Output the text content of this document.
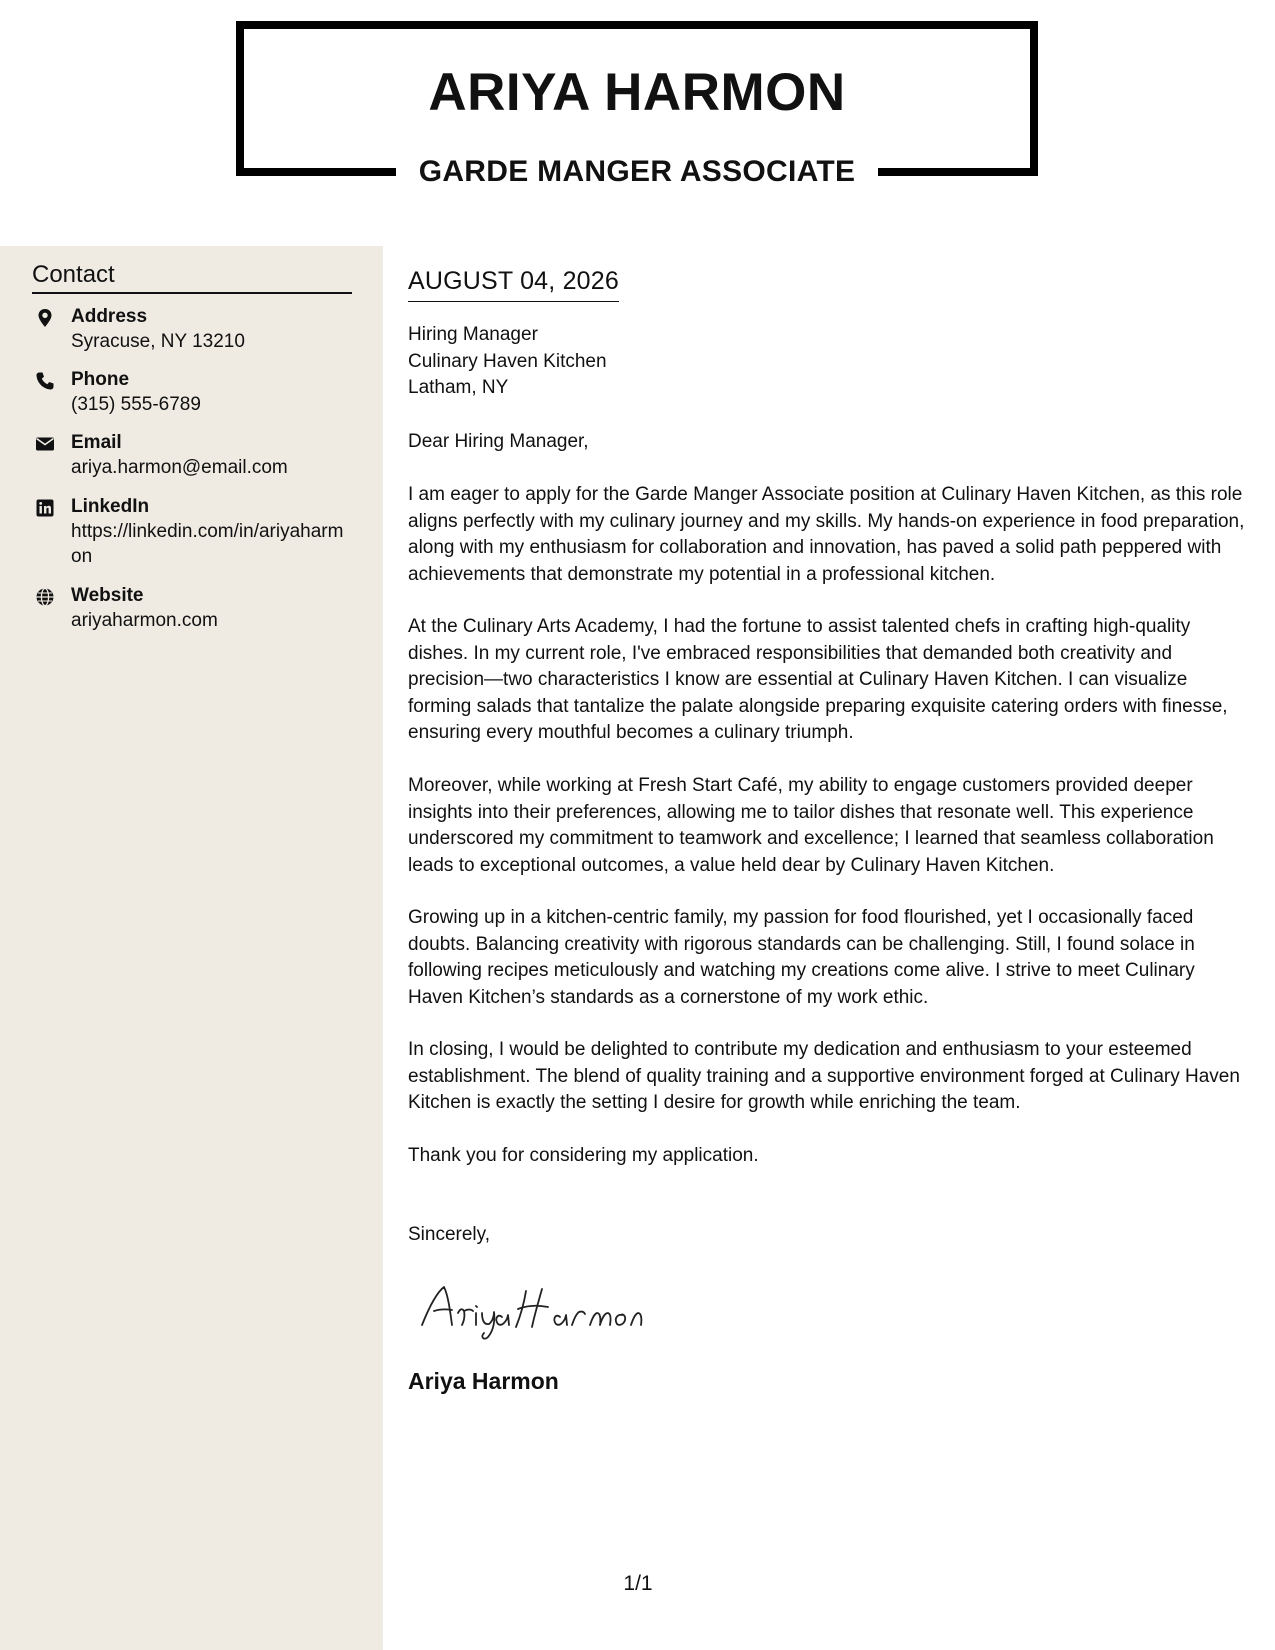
ARIYA HARMON
GARDE MANGER ASSOCIATE
Contact
Address
Syracuse, NY 13210
Phone
(315) 555-6789
Email
ariya.harmon@email.com
LinkedIn
https://linkedin.com/in/ariyaharmon
Website
ariyaharmon.com
AUGUST 04, 2026
Hiring Manager
Culinary Haven Kitchen
Latham, NY
Dear Hiring Manager,
I am eager to apply for the Garde Manger Associate position at Culinary Haven Kitchen, as this role aligns perfectly with my culinary journey and my skills. My hands-on experience in food preparation, along with my enthusiasm for collaboration and innovation, has paved a solid path peppered with achievements that demonstrate my potential in a professional kitchen.
At the Culinary Arts Academy, I had the fortune to assist talented chefs in crafting high-quality dishes. In my current role, I've embraced responsibilities that demanded both creativity and precision—two characteristics I know are essential at Culinary Haven Kitchen. I can visualize forming salads that tantalize the palate alongside preparing exquisite catering orders with finesse, ensuring every mouthful becomes a culinary triumph.
Moreover, while working at Fresh Start Café, my ability to engage customers provided deeper insights into their preferences, allowing me to tailor dishes that resonate well. This experience underscored my commitment to teamwork and excellence; I learned that seamless collaboration leads to exceptional outcomes, a value held dear by Culinary Haven Kitchen.
Growing up in a kitchen-centric family, my passion for food flourished, yet I occasionally faced doubts. Balancing creativity with rigorous standards can be challenging. Still, I found solace in following recipes meticulously and watching my creations come alive. I strive to meet Culinary Haven Kitchen’s standards as a cornerstone of my work ethic.
In closing, I would be delighted to contribute my dedication and enthusiasm to your esteemed establishment. The blend of quality training and a supportive environment forged at Culinary Haven Kitchen is exactly the setting I desire for growth while enriching the team.
Thank you for considering my application.
Sincerely,
Ariya Harmon
1/1
